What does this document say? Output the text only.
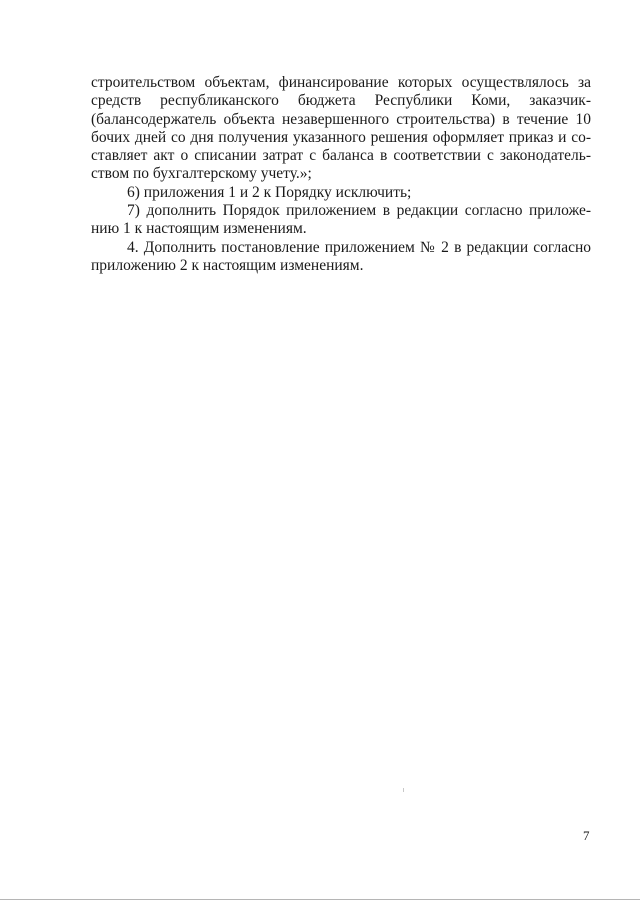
строительством объектам, финансирование которых осуществлялось за
средств республиканского бюджета Республики Коми, заказчик-
(балансодержатель объекта незавершенного строительства) в течение 10
бочих дней со дня получения указанного решения оформляет приказ и со-
ставляет акт о списании затрат с баланса в соответствии с законодатель-
ством по бухгалтерскому учету.»;
6) приложения 1 и 2 к Порядку исключить;
7) дополнить Порядок приложением в редакции согласно приложе-
нию 1 к настоящим изменениям.
4. Дополнить постановление приложением № 2 в редакции согласно
приложению 2 к настоящим изменениям.
7
